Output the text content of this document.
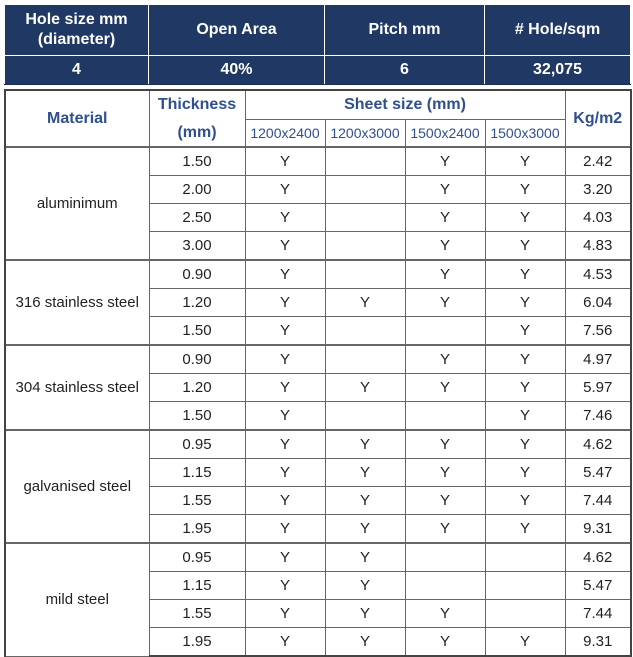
Hole size mm
(diameter)	Open Area	Pitch mm	# Hole/sqm
4	40%	6	32,075
Material	Thickness	Sheet size (mm)				Kg/m2
	(mm)	1200x2400	1200x3000	1500x2400	1500x3000	
aluminimum	1.50	Y		Y	Y	2.42
	2.00	Y		Y	Y	3.20
	2.50	Y		Y	Y	4.03
	3.00	Y		Y	Y	4.83
316 stainless steel	0.90	Y		Y	Y	4.53
	1.20	Y	Y	Y	Y	6.04
	1.50	Y			Y	7.56
304 stainless steel	0.90	Y		Y	Y	4.97
	1.20	Y	Y	Y	Y	5.97
	1.50	Y			Y	7.46
galvanised steel	0.95	Y	Y	Y	Y	4.62
	1.15	Y	Y	Y	Y	5.47
	1.55	Y	Y	Y	Y	7.44
	1.95	Y	Y	Y	Y	9.31
mild steel	0.95	Y	Y			4.62
	1.15	Y	Y			5.47
	1.55	Y	Y	Y		7.44
	1.95	Y	Y	Y	Y	9.31
